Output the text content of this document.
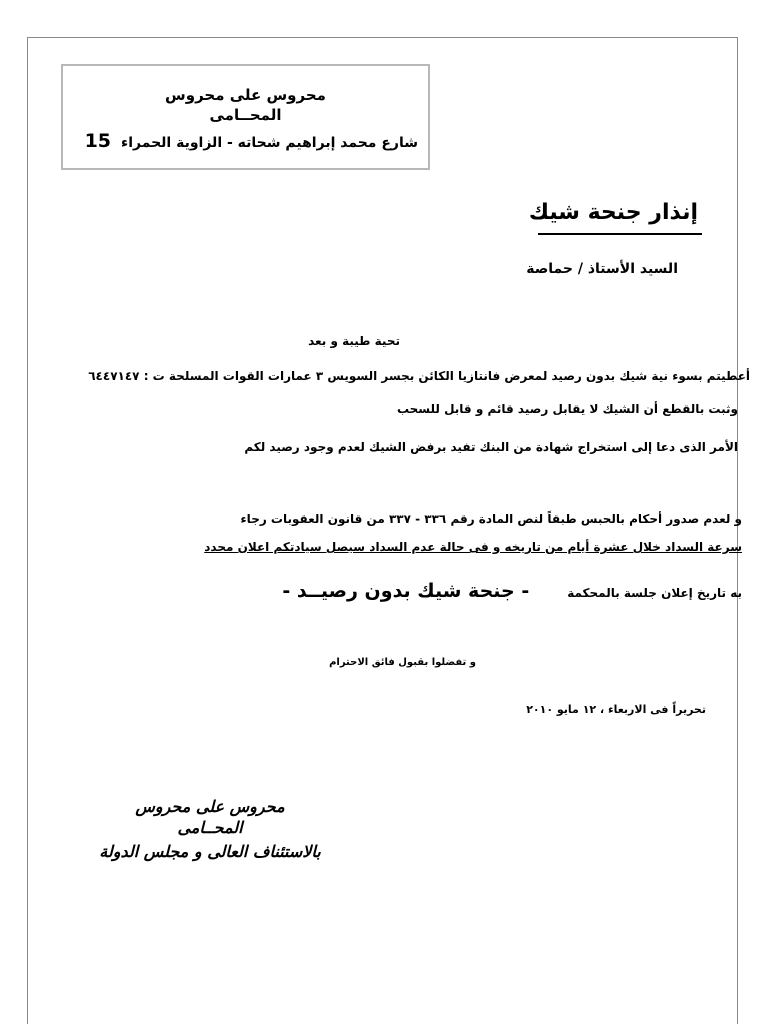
محروس على محروس
المحــامى
شارع محمد إبراهيم شحاته - الزاوية الحمراء15
إنذار جنحة شيك
السيد الأستاذ / حماصة
تحية طيبة و بعد
أعطيتم بسوء نية شيك بدون رصيد لمعرض فانتازيا الكائن بجسر السويس ٣ عمارات القوات المسلحة ت : ٦٤٤٧١٤٧
وثبت بالقطع أن الشيك لا يقابل رصيد قائم و قابل للسحب
الأمر الذى دعا إلى استخراج شهادة من البنك تفيد برفض الشيك لعدم وجود رصيد لكم
و لعدم صدور أحكام بالحبس طبقاً لنص المادة رقم ٣٣٦ - ٣٣٧ من قانون العقوبات رجاء
سرعة السداد خلال عشرة أيام من تاريخه و فى حالة عدم السداد سيصل سيادتكم اعلان محدد
به تاريخ إعلان جلسة بالمحكمة- جنحة شيك بدون رصيــد -
و تفضلوا بقبول فائق الاحترام
تحريراً فى الاربعاء ، ١٢ مايو ٢٠١٠
محروس على محروس
المحــامى
بالاستئناف العالى و مجلس الدولة
